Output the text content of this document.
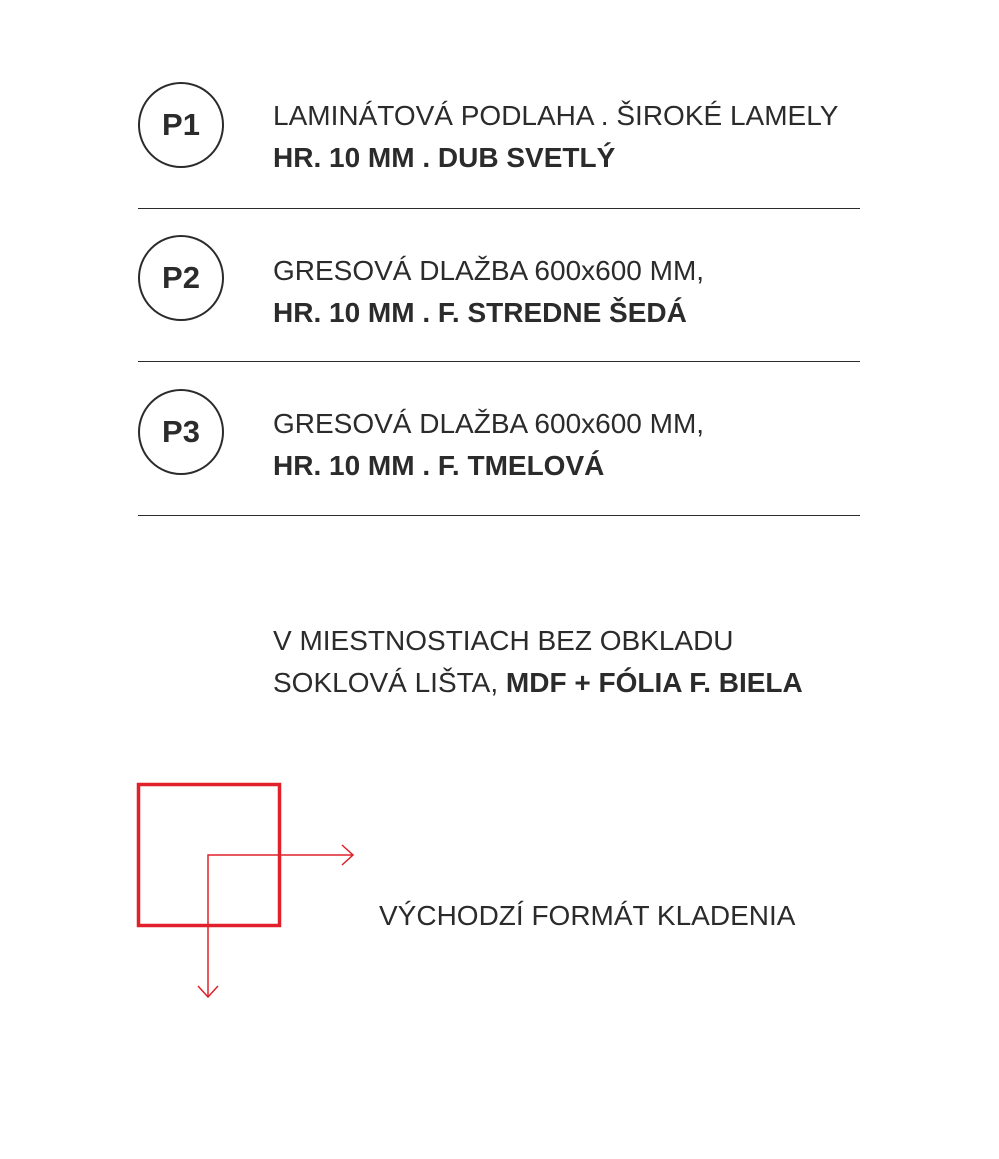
P1	LAMINÁTOVÁ PODLAHA . ŠIROKÉ LAMELY
HR. 10 MM . DUB SVETLÝ
P2	GRESOVÁ DLAŽBA 600x600 MM,
HR. 10 MM . F. STREDNE ŠEDÁ
P3	GRESOVÁ DLAŽBA 600x600 MM,
HR. 10 MM . F. TMELOVÁ
V MIESTNOSTIACH BEZ OBKLADU
SOKLOVÁ LIŠTA, MDF + FÓLIA F. BIELA
VÝCHODZÍ FORMÁT KLADENIA
